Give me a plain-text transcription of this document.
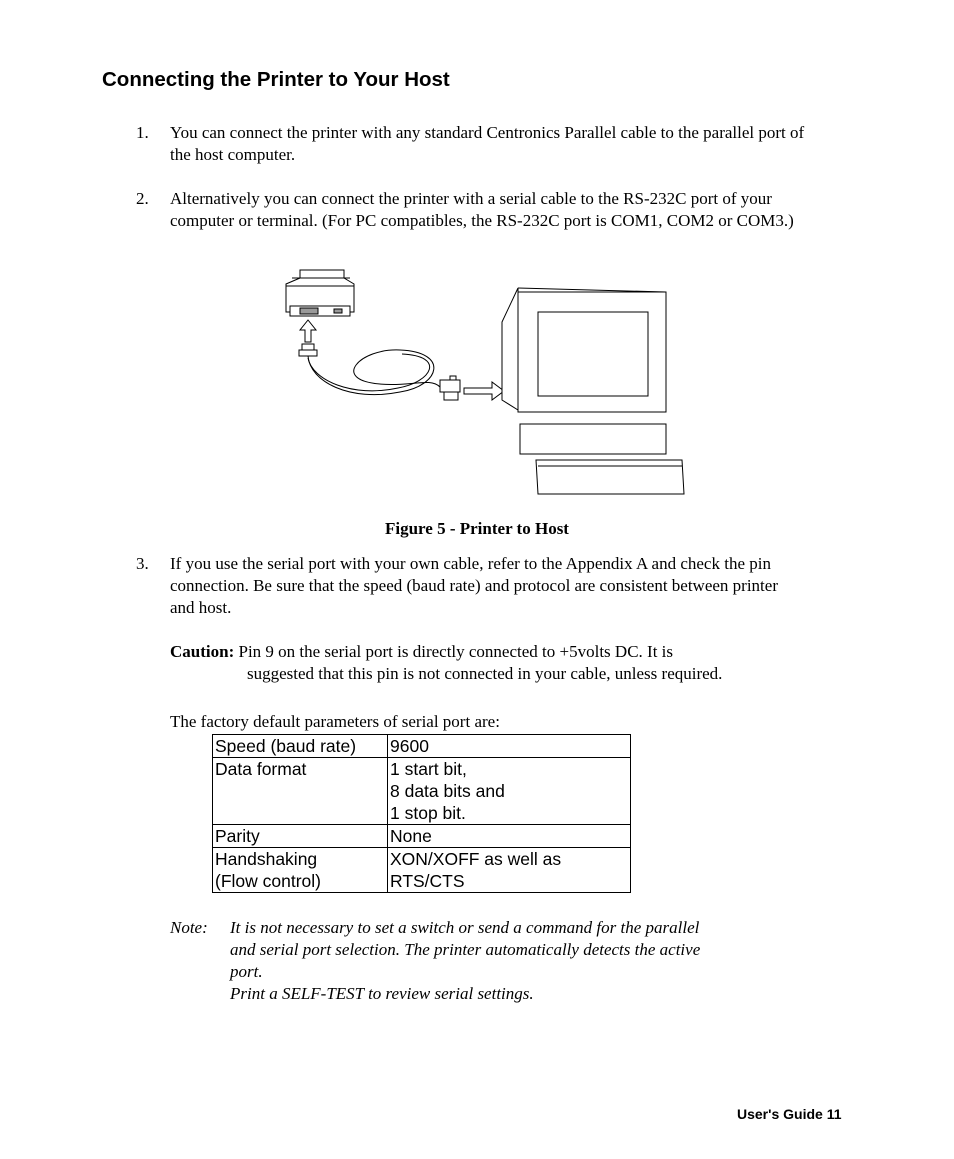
Connecting the Printer to Your Host
1. You can connect the printer with any standard Centronics Parallel cable to the parallel port of
the host computer.
2. Alternatively you can connect the printer with a serial cable to the RS-232C port of your
computer or terminal. (For PC compatibles, the RS-232C port is COM1, COM2 or COM3.)
Figure 5 - Printer to Host
3. If you use the serial port with your own cable, refer to the Appendix A and check the pin
connection. Be sure that the speed (baud rate) and protocol are consistent between printer
and host.
Caution: Pin 9 on the serial port is directly connected to +5volts DC. It is
suggested that this pin is not connected in your cable, unless required.
The factory default parameters of serial port are:
Speed (baud rate)	9600

Data format	1 start bit,
8 data bits and
1 stop bit.

Parity	None

Handshaking
(Flow control)	XON/XOFF as well as
RTS/CTS
Note: It is not necessary to set a switch or send a command for the parallel
and serial port selection. The printer automatically detects the active
port.
Print a SELF-TEST to review serial settings.
User's Guide 11
